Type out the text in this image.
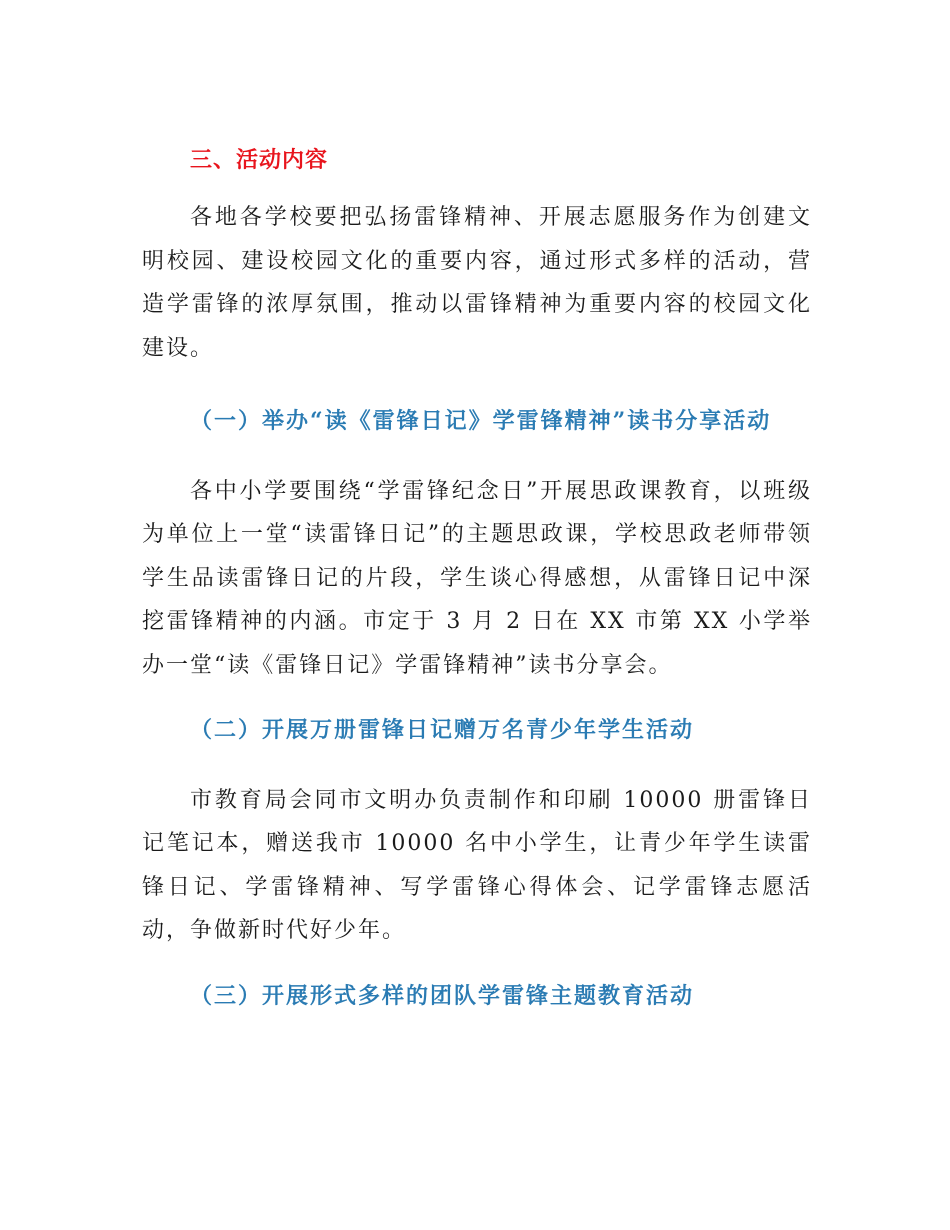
三、活动内容

各地各学校要把弘扬雷锋精神、开展志愿服务作为创建文明校园、建设校园文化的重要内容，通过形式多样的活动，营造学雷锋的浓厚氛围，推动以雷锋精神为重要内容的校园文化建设。

（一）举办“读《雷锋日记》学雷锋精神”读书分享活动

各中小学要围绕“学雷锋纪念日”开展思政课教育，以班级为单位上一堂“读雷锋日记”的主题思政课，学校思政老师带领学生品读雷锋日记的片段，学生谈心得感想，从雷锋日记中深挖雷锋精神的内涵。市定于 3 月 2 日在 XX 市第 XX 小学举办一堂“读《雷锋日记》学雷锋精神”读书分享会。

（二）开展万册雷锋日记赠万名青少年学生活动

市教育局会同市文明办负责制作和印刷 10000 册雷锋日记笔记本，赠送我市 10000 名中小学生，让青少年学生读雷锋日记、学雷锋精神、写学雷锋心得体会、记学雷锋志愿活动，争做新时代好少年。

（三）开展形式多样的团队学雷锋主题教育活动
